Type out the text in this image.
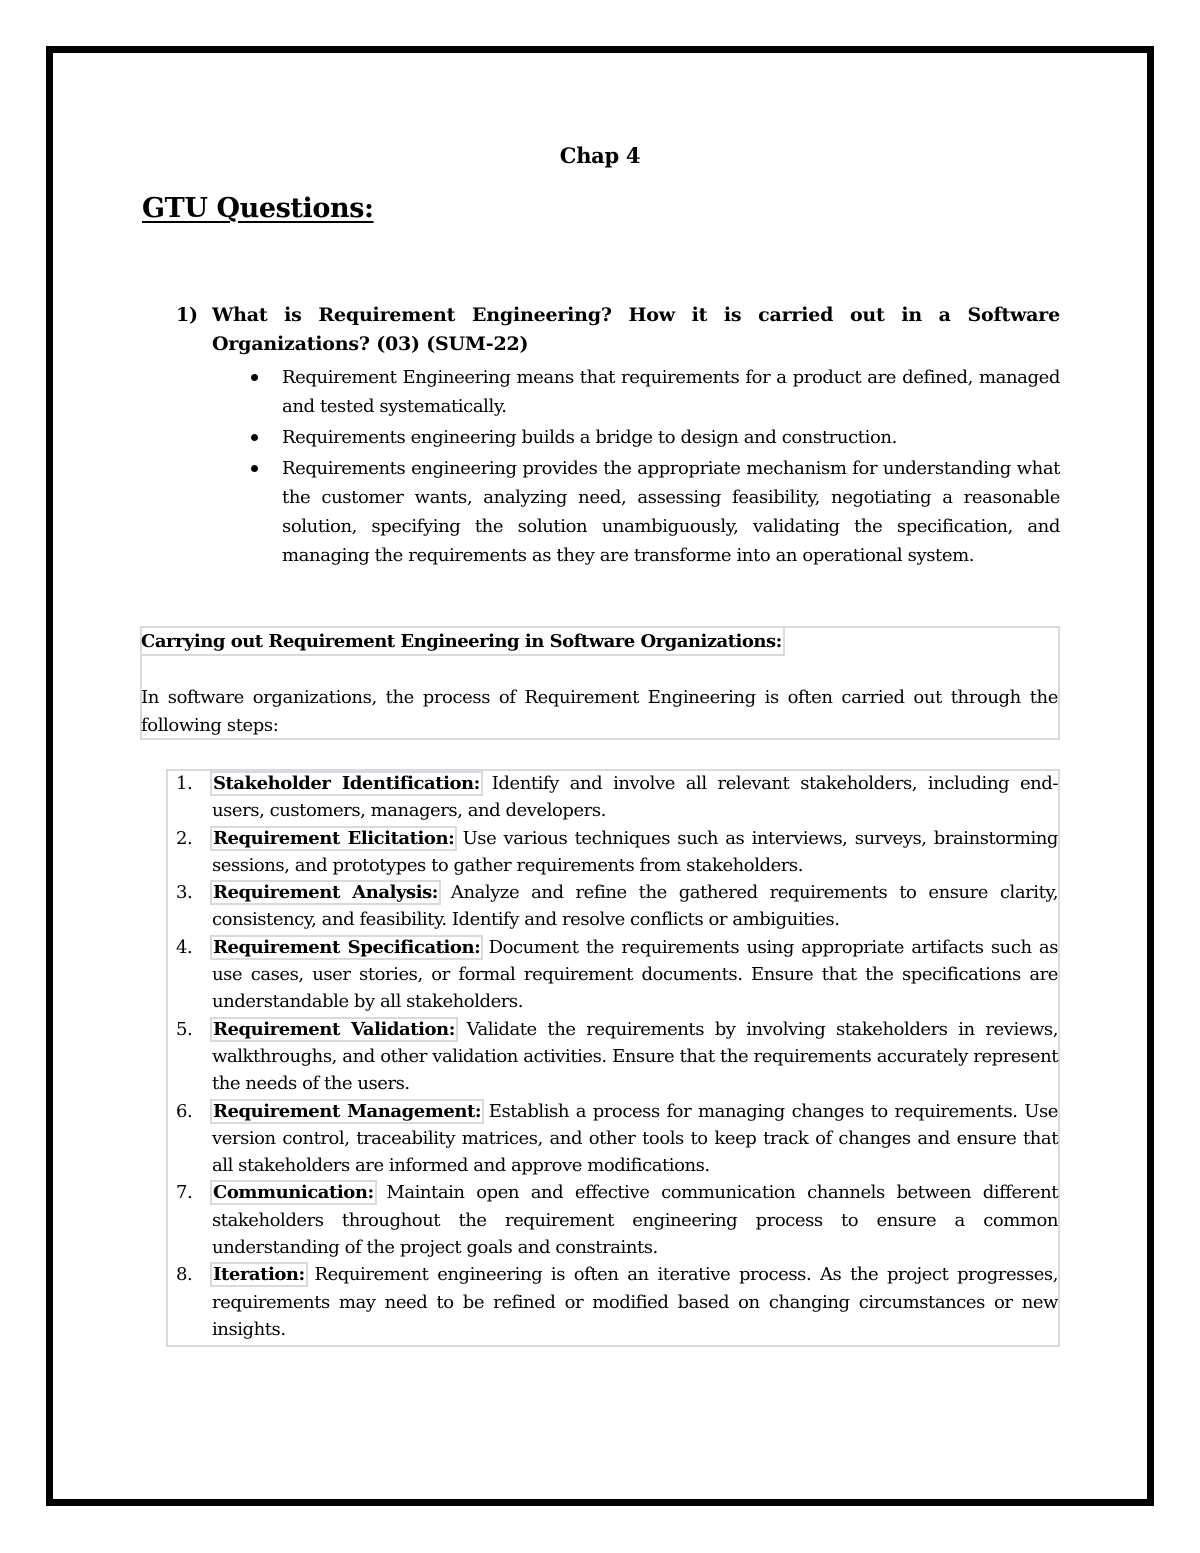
Chap 4
GTU Questions:
1) What is Requirement Engineering? How it is carried out in a Software Organizations? (03) (SUM-22)
Requirement Engineering means that requirements for a product are defined, managed and tested systematically.
Requirements engineering builds a bridge to design and construction.
Requirements engineering provides the appropriate mechanism for understanding what the customer wants, analyzing need, assessing feasibility, negotiating a reasonable solution, specifying the solution unambiguously, validating the specification, and managing the requirements as they are transforme into an operational system.
Carrying out Requirement Engineering in Software Organizations:
In software organizations, the process of Requirement Engineering is often carried out through the following steps:
1. Stakeholder Identification: Identify and involve all relevant stakeholders, including end-users, customers, managers, and developers.
2. Requirement Elicitation: Use various techniques such as interviews, surveys, brainstorming sessions, and prototypes to gather requirements from stakeholders.
3. Requirement Analysis: Analyze and refine the gathered requirements to ensure clarity, consistency, and feasibility. Identify and resolve conflicts or ambiguities.
4. Requirement Specification: Document the requirements using appropriate artifacts such as use cases, user stories, or formal requirement documents. Ensure that the specifications are understandable by all stakeholders.
5. Requirement Validation: Validate the requirements by involving stakeholders in reviews, walkthroughs, and other validation activities. Ensure that the requirements accurately represent the needs of the users.
6. Requirement Management: Establish a process for managing changes to requirements. Use version control, traceability matrices, and other tools to keep track of changes and ensure that all stakeholders are informed and approve modifications.
7. Communication: Maintain open and effective communication channels between different stakeholders throughout the requirement engineering process to ensure a common understanding of the project goals and constraints.
8. Iteration: Requirement engineering is often an iterative process. As the project progresses, requirements may need to be refined or modified based on changing circumstances or new insights.
